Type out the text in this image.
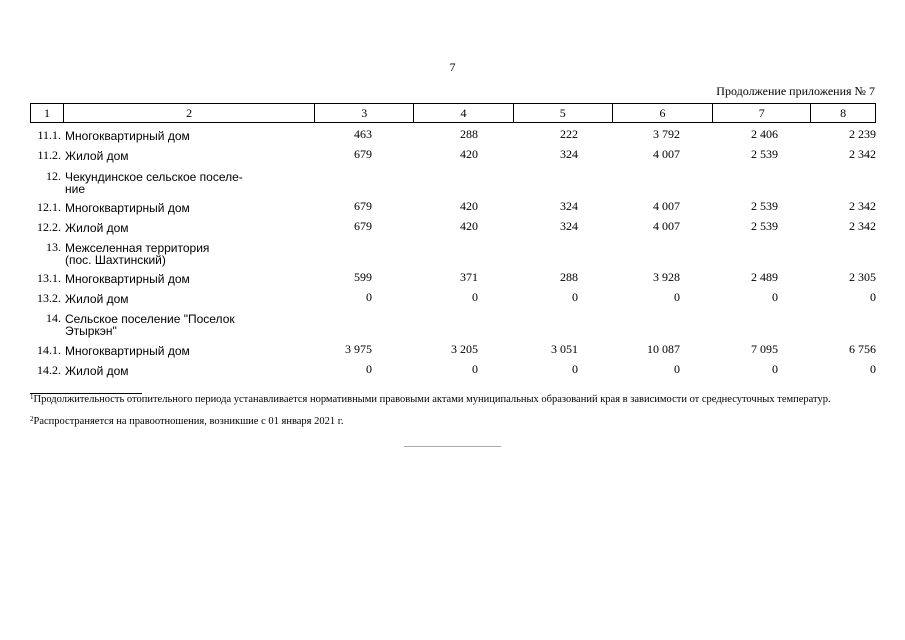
7
Продолжение приложения № 7
1	2	3	4	5	6	7	8
11.1. Многоквартирный дом	463	288	222	3 792	2 406	2 239
11.2. Жилой дом	679	420	324	4 007	2 539	2 342
12. Чекундинское сельское поселе-
ние
12.1. Многоквартирный дом	679	420	324	4 007	2 539	2 342
12.2. Жилой дом	679	420	324	4 007	2 539	2 342
13. Межселенная территория
(пос. Шахтинский)
13.1. Многоквартирный дом	599	371	288	3 928	2 489	2 305
13.2. Жилой дом	0	0	0	0	0	0
14. Сельское поселение "Поселок
Этыркэн"
14.1. Многоквартирный дом	3 975	3 205	3 051	10 087	7 095	6 756
14.2. Жилой дом	0	0	0	0	0	0
$^1$Продолжительность отопительного периода устанавливается нормативными правовыми актами муниципальных образований края в зависимости от среднесуточных температур.
$^2$Распространяется на правоотношения, возникшие с 01 января 2021 г.
